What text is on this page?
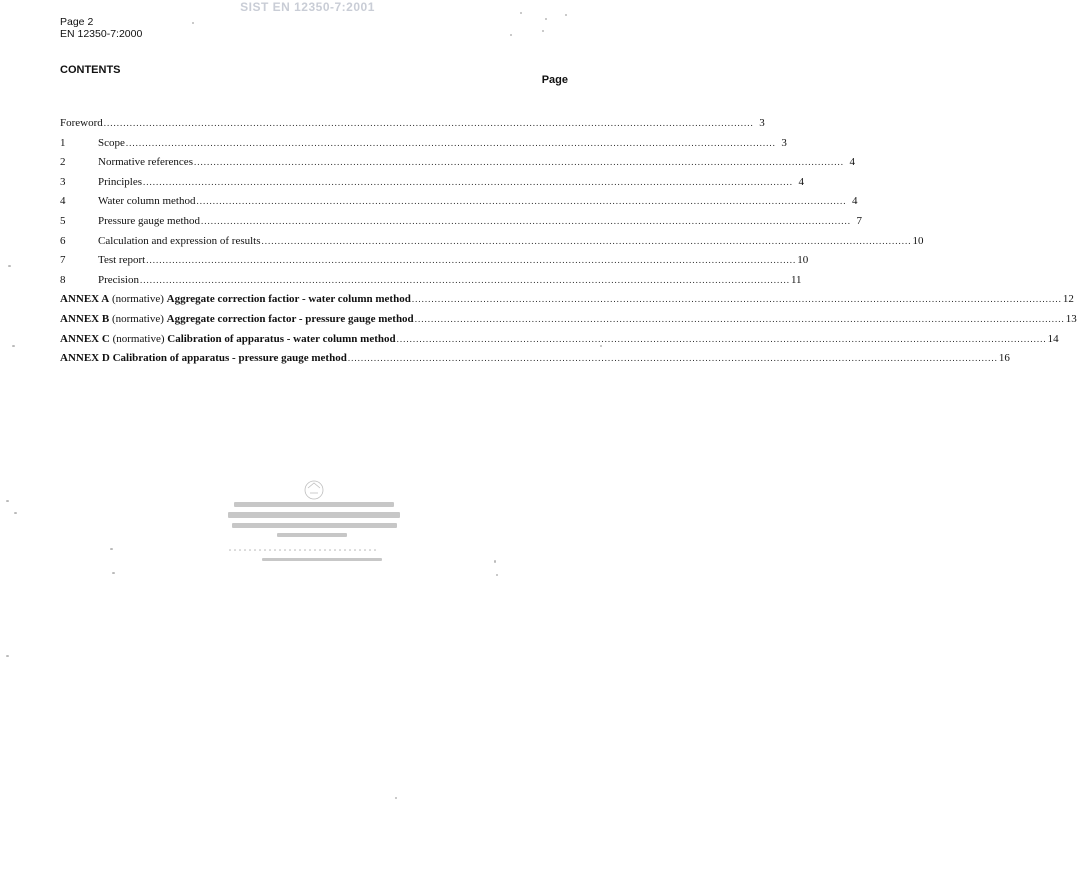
SIST EN 12350-7:2001
Page 2
EN 12350-7:2000
CONTENTS
Page
Foreword ........................................................................................................................................................................................................ 3
1	Scope ........................................................................................................................................................................................................ 3
2	Normative references ........................................................................................................................................................................................................ 4
3	Principles ........................................................................................................................................................................................................ 4
4	Water column method ........................................................................................................................................................................................................ 4
5	Pressure gauge method ........................................................................................................................................................................................................ 7
6	Calculation and expression of results ........................................................................................................................................................................................................ 10
7	Test report ........................................................................................................................................................................................................ 10
8	Precision ........................................................................................................................................................................................................ 11
ANNEX A (normative) Aggregate correction factior - water column method ........................................................................................................................................................................................................ 12
ANNEX B (normative) Aggregate correction factor - pressure gauge method ........................................................................................................................................................................................................ 13
ANNEX C (normative) Calibration of apparatus - water column method ........................................................................................................................................................................................................ 14
ANNEX D Calibration of apparatus - pressure gauge method ........................................................................................................................................................................................................ 16
